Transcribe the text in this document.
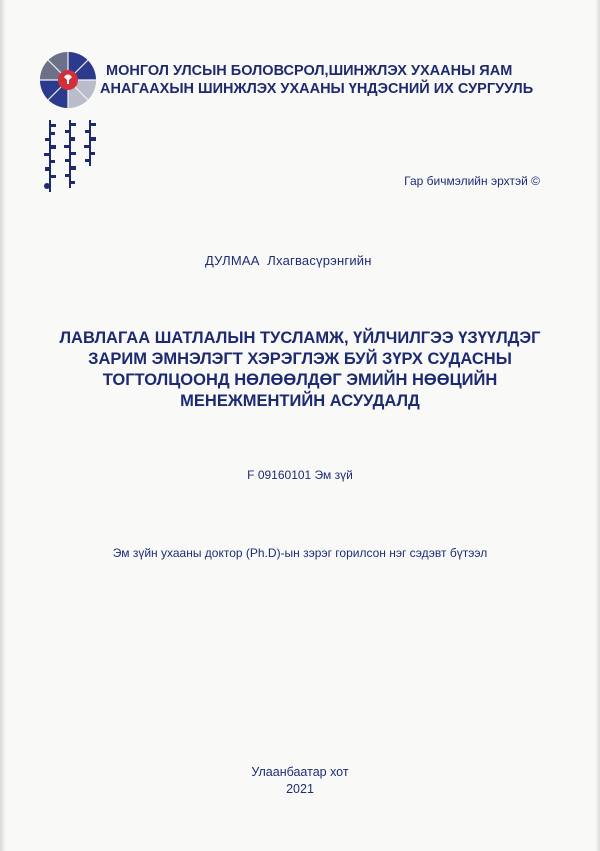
МОНГОЛ УЛСЫН БОЛОВСРОЛ,ШИНЖЛЭХ УХААНЫ ЯАМ
АНАГААХЫН ШИНЖЛЭХ УХААНЫ ҮНДЭСНИЙ ИХ СУРГУУЛЬ
Гар бичмэлийн эрхтэй ©
ДУЛМАА  Лхагвасүрэнгийн
ЛАВЛАГАА ШАТЛАЛЫН ТУСЛАМЖ, ҮЙЛЧИЛГЭЭ ҮЗҮҮЛДЭГ
ЗАРИМ ЭМНЭЛЭГТ ХЭРЭГЛЭЖ БУЙ ЗҮРХ СУДАСНЫ
ТОГТОЛЦООНД НӨЛӨӨЛДӨГ ЭМИЙН НӨӨЦИЙН
МЕНЕЖМЕНТИЙН АСУУДАЛД
F 09160101 Эм зүй
Эм зүйн ухааны доктор (Ph.D)-ын зэрэг горилсон нэг сэдэвт бүтээл
Улаанбаатар хот
2021
